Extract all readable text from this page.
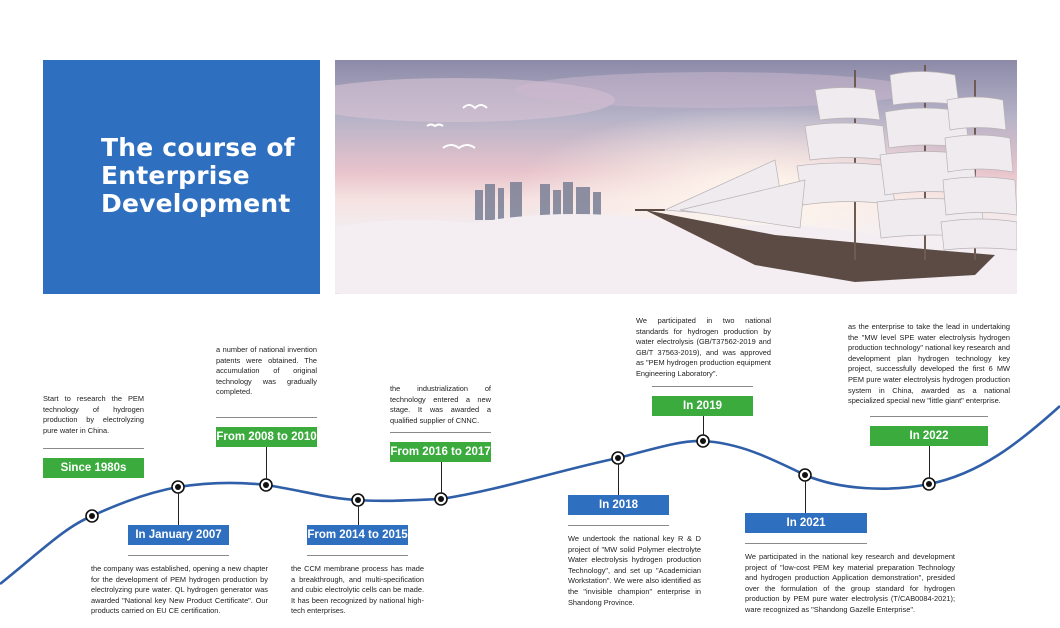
The course of Enterprise Development
Start to research the PEM technology of hydrogen production by electrolyzing pure water in China.
Since 1980s
In January 2007
the company was established, opening a new chapter for the development of PEM hydrogen production by electrolyzing pure water. QL hydrogen generator was awarded "National key New Product Certificate". Our products carried on EU CE certification.
a number of national invention patents were obtained. The accumulation of original technology was gradually completed.
From 2008 to 2010
From 2014 to 2015
the CCM membrane process has made a breakthrough, and multi-specification and cubic electrolytic cells can be made. It has been recognized by national high-tech enterprises.
the industrialization of technology entered a new stage. It was awarded a qualified supplier of CNNC.
From 2016 to 2017
In 2018
We undertook the national key R & D project of "MW solid Polymer electrolyte Water electrolysis hydrogen production Technology", and set up "Academician Workstation". We were also identified as the "invisible champion" enterprise in Shandong Province.
We participated in two national standards for hydrogen production by water electrolysis (GB/T37562-2019 and GB/T 37563-2019), and was approved as "PEM hydrogen production equipment Engineering Laboratory".
In 2019
In 2021
We participated in the national key research and development project of "low-cost PEM key material preparation Technology and hydrogen production Application demonstration", presided over the formulation of the group standard for hydrogen production by PEM pure water electrolysis (T/CAB0084-2021); ware recognized as "Shandong Gazelle Enterprise".
as the enterprise to take the lead in undertaking the "MW level SPE water electrolysis hydrogen production technology" national key research and development plan hydrogen technology key project, successfully developed the first 6 MW PEM pure water electrolysis hydrogen production system in China, awarded as a national specialized special new "little giant" enterprise.
In 2022
